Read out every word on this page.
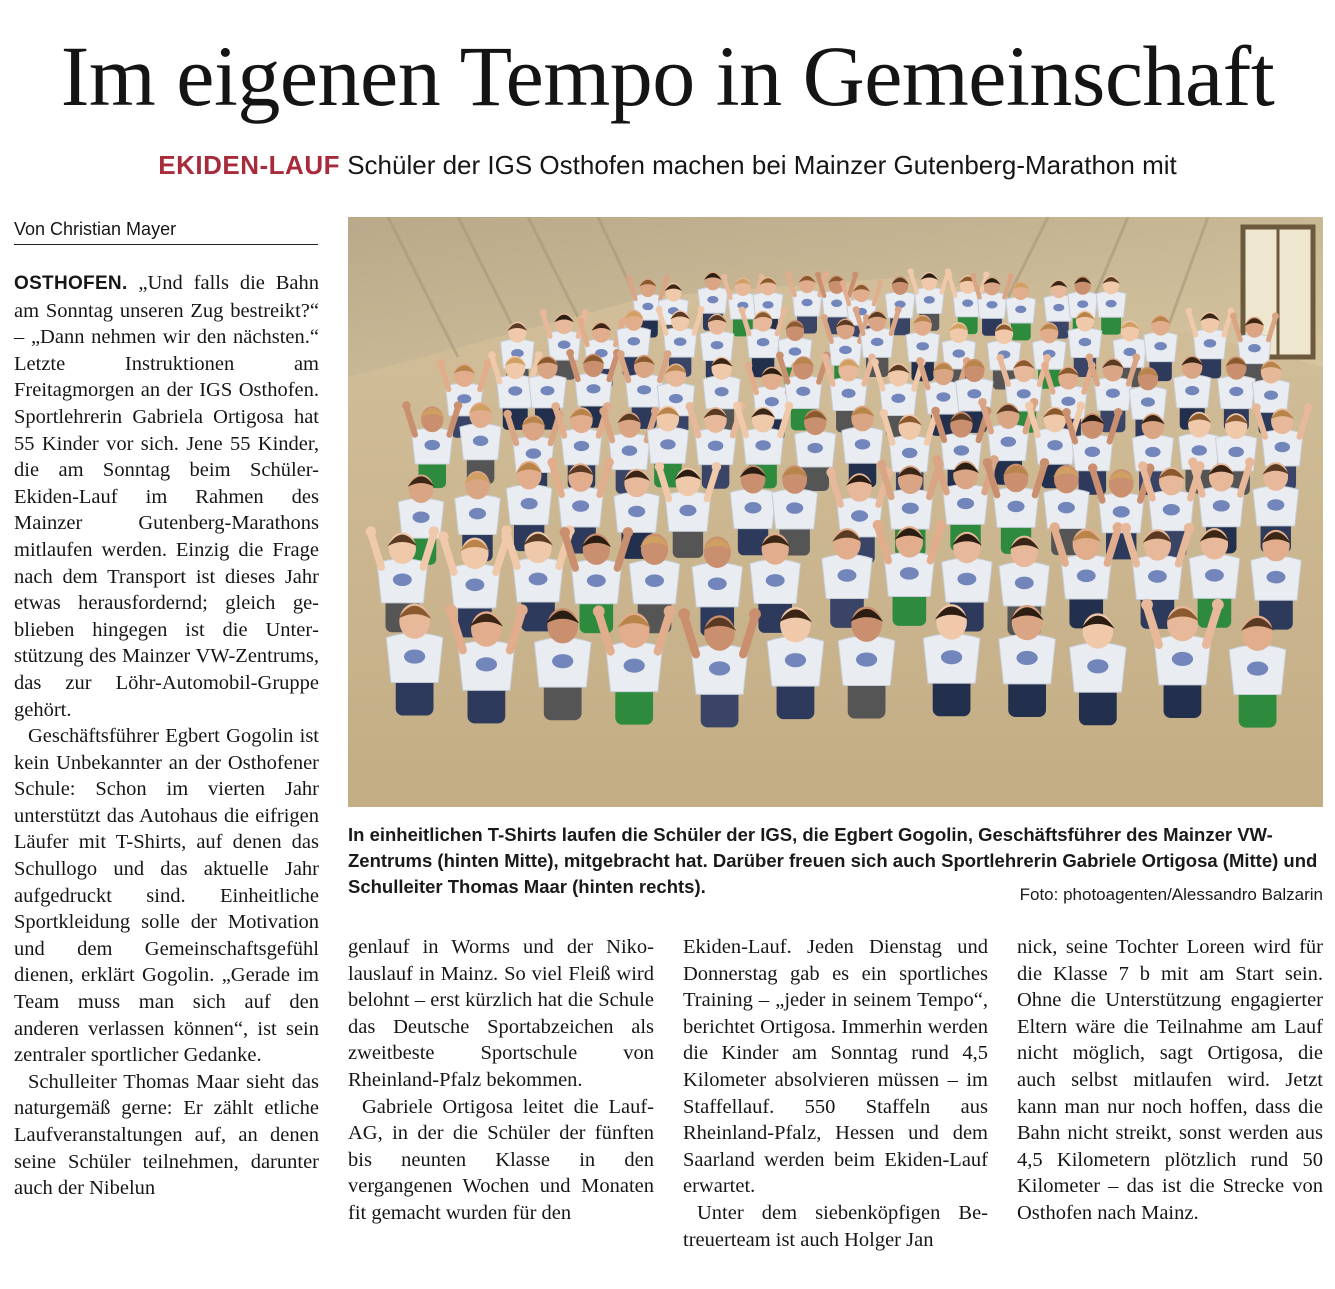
Im eigenen Tempo in Gemeinschaft
EKIDEN-LAUF Schüler der IGS Osthofen machen bei Mainzer Gutenberg-Marathon mit
Von Christian Mayer

OSTHOFEN. „Und falls die Bahn am Sonntag unseren Zug bestreikt?“ – „Dann nehmen wir den nächsten.“ Letzte Instruktionen am Freitagmorgen an der IGS Osthofen. Sportlehrerin Gabriela Ortigosa hat 55 Kinder vor sich. Jene 55 Kinder, die am Sonntag beim Schüler-Ekiden-Lauf im Rahmen des Mainzer Gutenberg-Marathons mitlaufen werden. Einzig die Frage nach dem Transport ist dieses Jahr etwas herausfordernd; gleich geblieben hingegen ist die Unterstützung des Mainzer VW-Zentrums, das zur Löhr-Automobil-Gruppe gehört.

Geschäftsführer Egbert Gogolin ist kein Unbekannter an der Osthofener Schule: Schon im vierten Jahr unterstützt das Autohaus die eifrigen Läufer mit T-Shirts, auf denen das Schullogo und das aktuelle Jahr aufgedruckt sind. Einheitliche Sportkleidung solle der Motivation und dem Gemeinschaftsgefühl dienen, erklärt Gogolin. „Gerade im Team muss man sich auf den anderen verlassen können“, ist sein zentraler sportlicher Gedanke.

Schulleiter Thomas Maar sieht das naturgemäß gerne: Er zählt etliche Laufveranstaltungen auf, an denen seine Schüler teilnehmen, darunter auch der Nibelun

In einheitlichen T-Shirts laufen die Schüler der IGS, die Egbert Gogolin, Geschäftsführer des Mainzer VW-Zentrums (hinten Mitte), mitgebracht hat. Darüber freuen sich auch Sportlehrerin Gabriele Ortigosa (Mitte) und Schulleiter Thomas Maar (hinten rechts).	Foto: photoagenten/Alessandro Balzarin

genlauf in Worms und der Nikolauslauf in Mainz. So viel Fleiß wird belohnt – erst kürzlich hat die Schule das Deutsche Sportabzeichen als zweitbeste Sportschule von Rheinland-Pfalz bekommen.

Gabriele Ortigosa leitet die Lauf-AG, in der die Schüler der fünften bis neunten Klasse in den vergangenen Wochen und Monaten fit gemacht wurden für den

Ekiden-Lauf. Jeden Dienstag und Donnerstag gab es ein sportliches Training – „jeder in seinem Tempo“, berichtet Ortigosa. Immerhin werden die Kinder am Sonntag rund 4,5 Kilometer absolvieren müssen – im Staffellauf. 550 Staffeln aus Rheinland-Pfalz, Hessen und dem Saarland werden beim Ekiden-Lauf erwartet.

Unter dem siebenköpfigen Betreuerteam ist auch Holger Jan

nick, seine Tochter Loreen wird für die Klasse 7 b mit am Start sein. Ohne die Unterstützung engagierter Eltern wäre die Teilnahme am Lauf nicht möglich, sagt Ortigosa, die auch selbst mitlaufen wird. Jetzt kann man nur noch hoffen, dass die Bahn nicht streikt, sonst werden aus 4,5 Kilometern plötzlich rund 50 Kilometer – das ist die Strecke von Osthofen nach Mainz.
